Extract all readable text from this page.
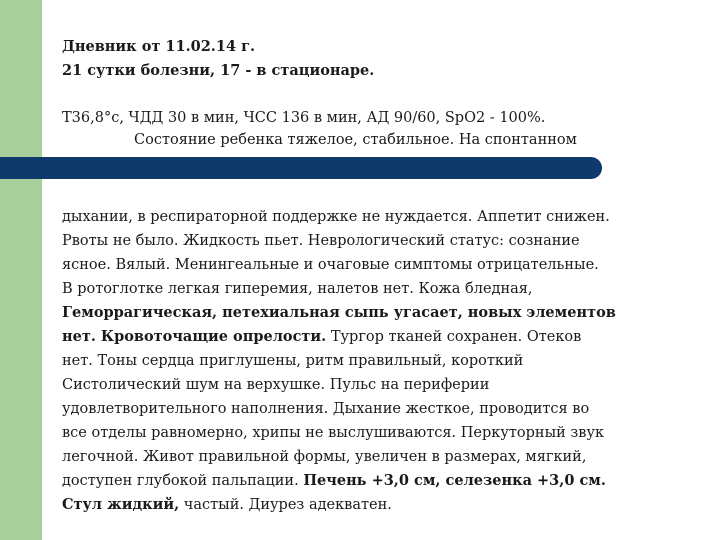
Дневник от 11.02.14 г.
21 сутки болезни, 17 - в стационаре.
Т36,8°с, ЧДД 30 в мин, ЧСС 136 в мин, АД 90/60, SpO2 - 100%.
Состояние ребенка тяжелое, стабильное. На спонтанном
дыхании, в респираторной поддержке не нуждается. Аппетит снижен.
Рвоты не было. Жидкость пьет. Неврологический статус: сознание
ясное. Вялый. Менингеальные и очаговые симптомы отрицательные.
В ротоглотке легкая гиперемия, налетов нет. Кожа бледная,
Геморрагическая, петехиальная сыпь угасает, новых элементов
нет. Кровоточащие опрелости. Тургор тканей сохранен. Отеков
нет. Тоны сердца приглушены, ритм правильный, короткий
Систолический шум на верхушке. Пульс на периферии
удовлетворительного наполнения. Дыхание жесткое, проводится во
все отделы равномерно, хрипы не выслушиваются. Перкуторный звук
легочной. Живот правильной формы, увеличен в размерах, мягкий,
доступен глубокой пальпации. Печень +3,0 см, селезенка +3,0 см.
Стул жидкий, частый. Диурез адекватен.
